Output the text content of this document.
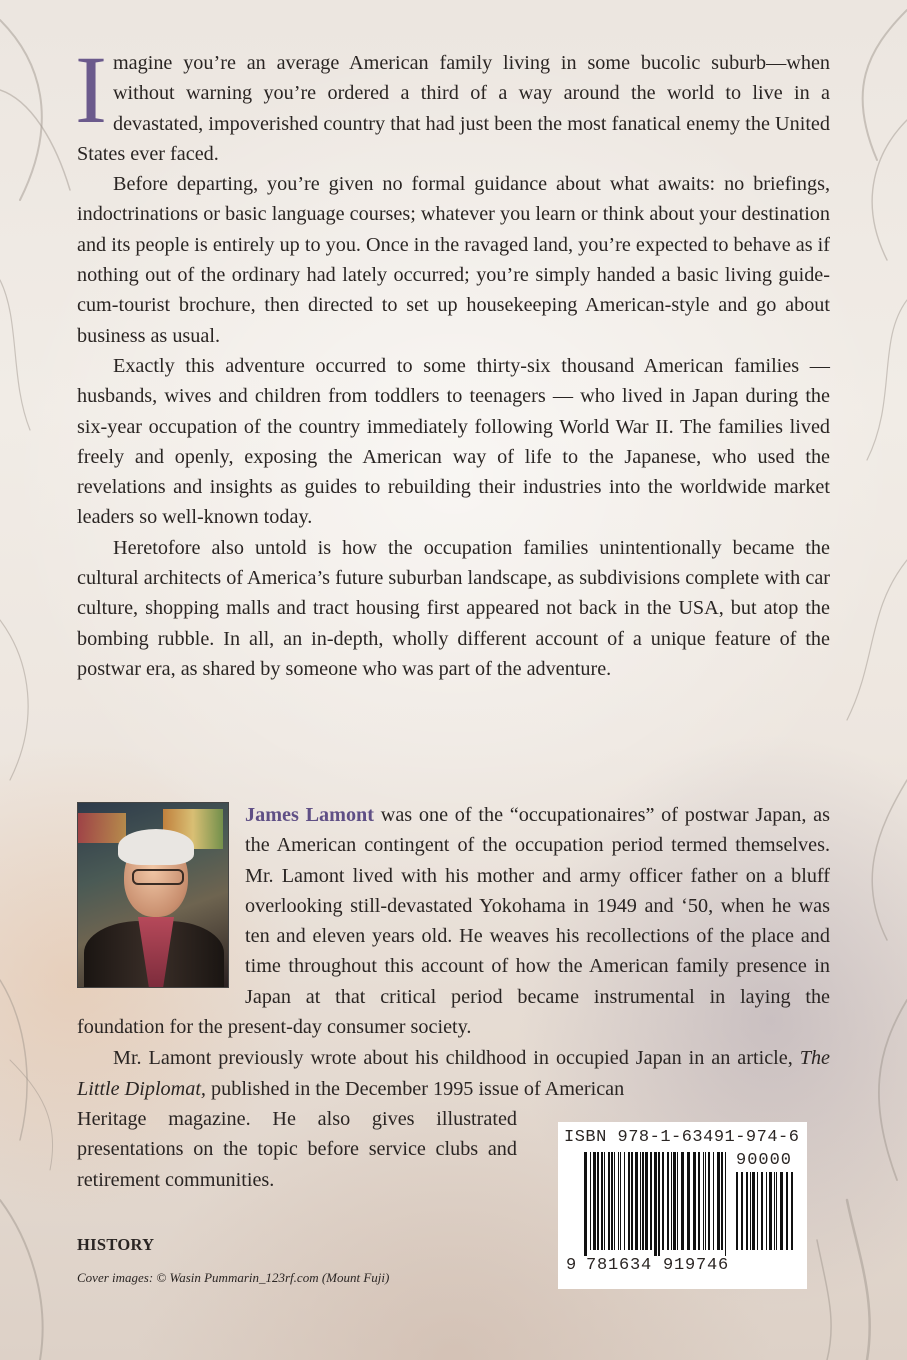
Imagine you’re an average American family living in some bucolic suburb—when without warning you’re ordered a third of a way around the world to live in a devastated, impoverished country that had just been the most fanatical enemy the United States ever faced.

Before departing, you’re given no formal guidance about what awaits: no briefings, indoctrinations or basic language courses; whatever you learn or think about your destination and its people is entirely up to you. Once in the ravaged land, you’re expected to behave as if nothing out of the ordinary had lately occurred; you’re simply handed a basic living guide-cum-tourist brochure, then directed to set up housekeeping American-style and go about business as usual.

Exactly this adventure occurred to some thirty-six thousand American families — husbands, wives and children from toddlers to teenagers — who lived in Japan during the six-year occupation of the country immediately following World War II. The families lived freely and openly, exposing the American way of life to the Japanese, who used the revelations and insights as guides to rebuilding their industries into the worldwide market leaders so well-known today.

Heretofore also untold is how the occupation families unintentionally became the cultural architects of America’s future suburban landscape, as subdivisions complete with car culture, shopping malls and tract housing first appeared not back in the USA, but atop the bombing rubble. In all, an in-depth, wholly different account of a unique feature of the postwar era, as shared by someone who was part of the adventure.

James Lamont was one of the “occupationaires” of postwar Japan, as the American contingent of the occupation period termed themselves. Mr. Lamont lived with his mother and army officer father on a bluff overlooking still-devastated Yokohama in 1949 and ‘50, when he was ten and eleven years old. He weaves his recollections of the place and time throughout this account of how the American family presence in Japan at that critical period became instrumental in laying the foundation for the present-day consumer society.

Mr. Lamont previously wrote about his childhood in occupied Japan in an article, The Little Diplomat, published in the December 1995 issue of American

Heritage magazine. He also gives illustrated presentations on the topic before service clubs and retirement communities.

HISTORY

Cover images: © Wasin Pummarin_123rf.com (Mount Fuji)

ISBN 978-1-63491-974-6
90000
9 781634 919746
